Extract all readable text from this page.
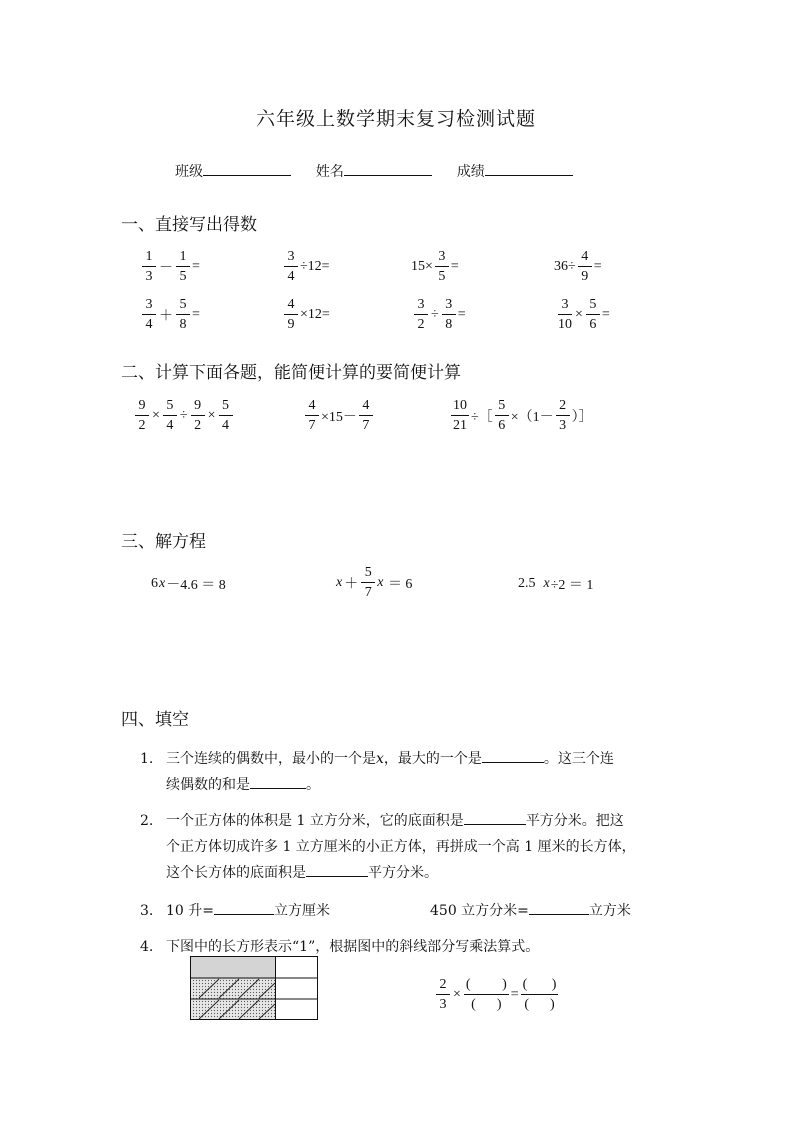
六年级上数学期末复习检测试题
班级	姓名	成绩
一、直接写出得数
$\frac{1}{3} - \frac{1}{5}$ =	$\frac{3}{4} \div 12=$	$15\times \frac{3}{5}$ =	$36\div \frac{4}{9}$ =
$\frac{3}{4} + \frac{5}{8}$ =	$\frac{4}{9} \times 12=$	$\frac{3}{2} \div \frac{3}{8}$ =	$\frac{3}{10} \times \frac{5}{6}$ =
二、计算下面各题，能简便计算的要简便计算
$\frac{9}{2} \times \frac{5}{4} \div \frac{9}{2} \times \frac{5}{4}$	$\frac{4}{7} \times 15- \frac{4}{7}$	$\frac{10}{21}$ ÷［ $\frac{5}{6} \times(1- \frac{2}{3}$ ）］
三、解方程
6 x －4.6 ＝ 8	$x + \frac{5}{7}$ x ＝ 6	2.5 x ÷2 ＝ 1
四、填空
1. 三个连续的偶数中，最小的一个是x，最大的一个是	。这三个连
续偶数的和是	。
2. 一个正方体的体积是 1 立方分米，它的底面积是	平方分米。把这
个正方体切成许多 1 立方厘米的小正方体，再拼成一个高 1 厘米的长方体，
这个长方体的底面积是	平方分米。
3. 10 升=	立方厘米	450 立方分米=	立方米
4. 下图中的长方形表示“1”，根据图中的斜线部分写乘法算式。
$\frac{2}{3} \times \frac{( )}{( )} = \frac{( )}{( )}$
